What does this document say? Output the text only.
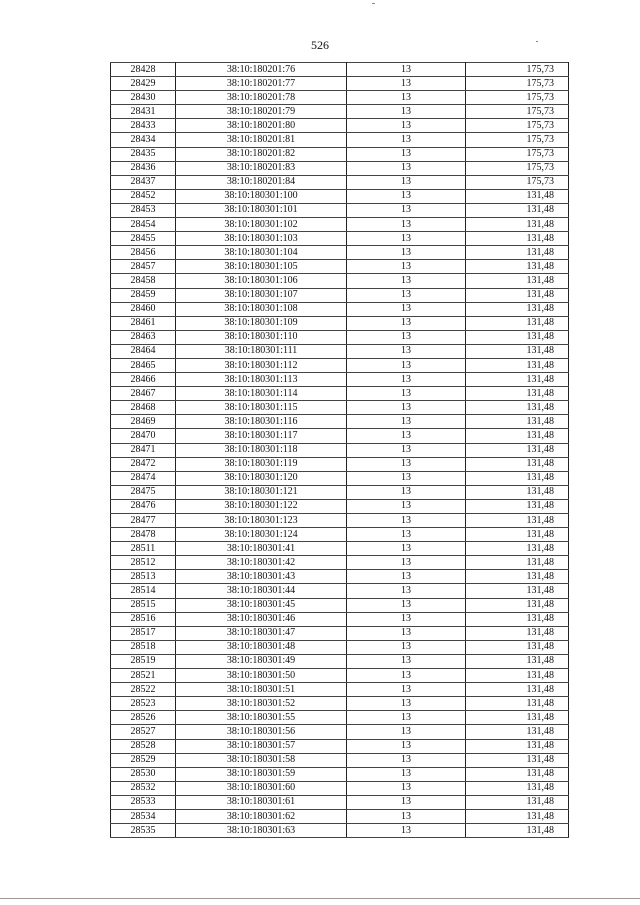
526
28428	38:10:180201:76	13	175,73
28429	38:10:180201:77	13	175,73
28430	38:10:180201:78	13	175,73
28431	38:10:180201:79	13	175,73
28433	38:10:180201:80	13	175,73
28434	38:10:180201:81	13	175,73
28435	38:10:180201:82	13	175,73
28436	38:10:180201:83	13	175,73
28437	38:10:180201:84	13	175,73
28452	38:10:180301:100	13	131,48
28453	38:10:180301:101	13	131,48
28454	38:10:180301:102	13	131,48
28455	38:10:180301:103	13	131,48
28456	38:10:180301:104	13	131,48
28457	38:10:180301:105	13	131,48
28458	38:10:180301:106	13	131,48
28459	38:10:180301:107	13	131,48
28460	38:10:180301:108	13	131,48
28461	38:10:180301:109	13	131,48
28463	38:10:180301:110	13	131,48
28464	38:10:180301:111	13	131,48
28465	38:10:180301:112	13	131,48
28466	38:10:180301:113	13	131,48
28467	38:10:180301:114	13	131,48
28468	38:10:180301:115	13	131,48
28469	38:10:180301:116	13	131,48
28470	38:10:180301:117	13	131,48
28471	38:10:180301:118	13	131,48
28472	38:10:180301:119	13	131,48
28474	38:10:180301:120	13	131,48
28475	38:10:180301:121	13	131,48
28476	38:10:180301:122	13	131,48
28477	38:10:180301:123	13	131,48
28478	38:10:180301:124	13	131,48
28511	38:10:180301:41	13	131,48
28512	38:10:180301:42	13	131,48
28513	38:10:180301:43	13	131,48
28514	38:10:180301:44	13	131,48
28515	38:10:180301:45	13	131,48
28516	38:10:180301:46	13	131,48
28517	38:10:180301:47	13	131,48
28518	38:10:180301:48	13	131,48
28519	38:10:180301:49	13	131,48
28521	38:10:180301:50	13	131,48
28522	38:10:180301:51	13	131,48
28523	38:10:180301:52	13	131,48
28526	38:10:180301:55	13	131,48
28527	38:10:180301:56	13	131,48
28528	38:10:180301:57	13	131,48
28529	38:10:180301:58	13	131,48
28530	38:10:180301:59	13	131,48
28532	38:10:180301:60	13	131,48
28533	38:10:180301:61	13	131,48
28534	38:10:180301:62	13	131,48
28535	38:10:180301:63	13	131,48
